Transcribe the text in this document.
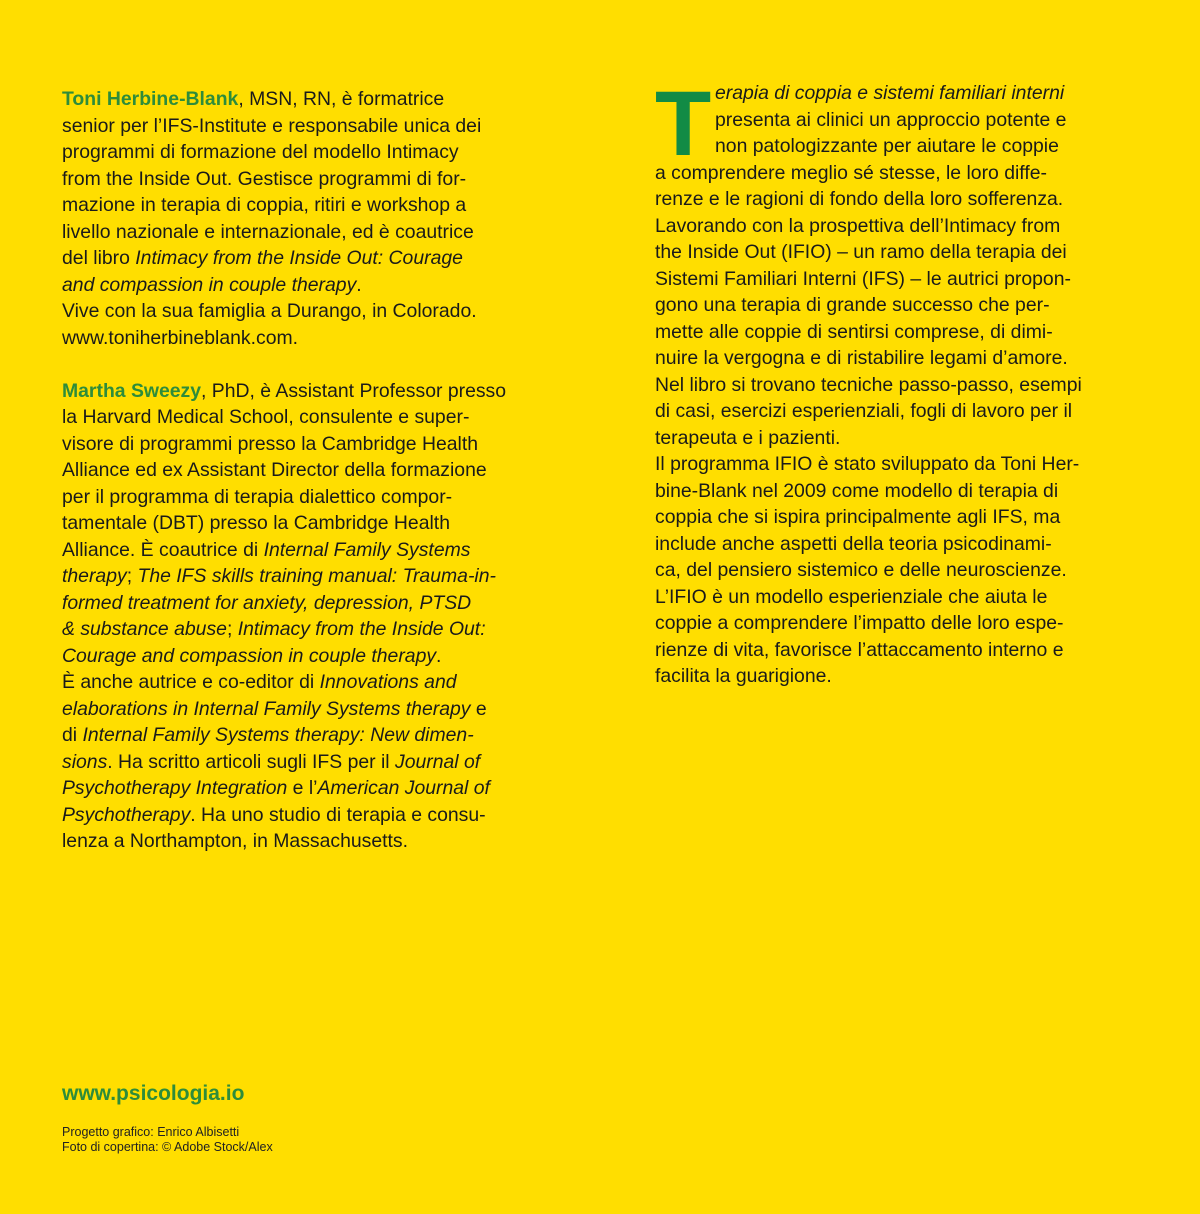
Toni Herbine-Blank, MSN, RN, è formatrice
senior per l’IFS-Institute e responsabile unica dei
programmi di formazione del modello Intimacy
from the Inside Out. Gestisce programmi di for-
mazione in terapia di coppia, ritiri e workshop a
livello nazionale e internazionale, ed è coautrice
del libro Intimacy from the Inside Out: Courage
and compassion in couple therapy.
Vive con la sua famiglia a Durango, in Colorado.
www.toniherbineblank.com.
Martha Sweezy, PhD, è Assistant Professor presso
la Harvard Medical School, consulente e super-
visore di programmi presso la Cambridge Health
Alliance ed ex Assistant Director della formazione
per il programma di terapia dialettico compor-
tamentale (DBT) presso la Cambridge Health
Alliance. È coautrice di Internal Family Systems
therapy; The IFS skills training manual: Trauma-in-
formed treatment for anxiety, depression, PTSD
& substance abuse; Intimacy from the Inside Out:
Courage and compassion in couple therapy.
È anche autrice e co-editor di Innovations and
elaborations in Internal Family Systems therapy e
di Internal Family Systems therapy: New dimen-
sions. Ha scritto articoli sugli IFS per il Journal of
Psychotherapy Integration e l’American Journal of
Psychotherapy. Ha uno studio di terapia e consu-
lenza a Northampton, in Massachusetts.
T erapia di coppia e sistemi familiari interni
presenta ai clinici un approccio potente e
non patologizzante per aiutare le coppie
a comprendere meglio sé stesse, le loro diffe-
renze e le ragioni di fondo della loro sofferenza.
Lavorando con la prospettiva dell’Intimacy from
the Inside Out (IFIO) – un ramo della terapia dei
Sistemi Familiari Interni (IFS) – le autrici propon-
gono una terapia di grande successo che per-
mette alle coppie di sentirsi comprese, di dimi-
nuire la vergogna e di ristabilire legami d’amore.
Nel libro si trovano tecniche passo-passo, esempi
di casi, esercizi esperienziali, fogli di lavoro per il
terapeuta e i pazienti.
Il programma IFIO è stato sviluppato da Toni Her-
bine-Blank nel 2009 come modello di terapia di
coppia che si ispira principalmente agli IFS, ma
include anche aspetti della teoria psicodinami-
ca, del pensiero sistemico e delle neuroscienze.
L’IFIO è un modello esperienziale che aiuta le
coppie a comprendere l’impatto delle loro espe-
rienze di vita, favorisce l’attaccamento interno e
facilita la guarigione.
www.psicologia.io
Progetto grafico: Enrico Albisetti
Foto di copertina: © Adobe Stock/Alex
